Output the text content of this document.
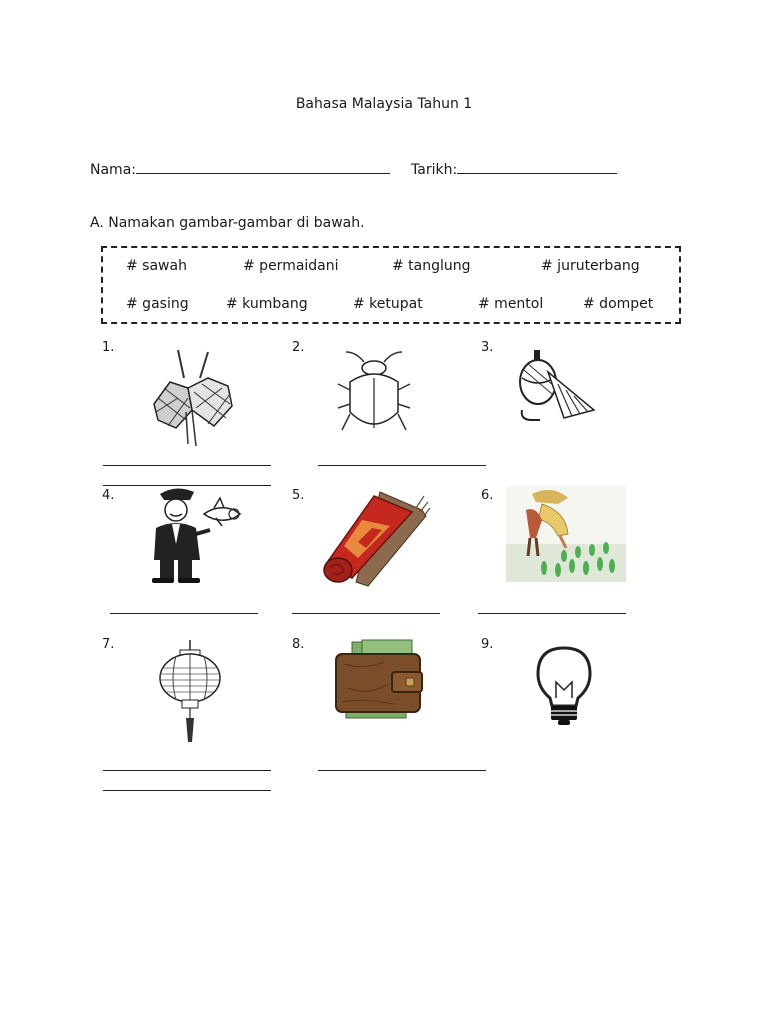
Bahasa Malaysia Tahun 1
Nama:	Tarikh:
A. Namakan gambar-gambar di bawah.
# sawah	# permaidani	# tanglung	# juruterbang
# gasing	# kumbang	# ketupat	# mentol	# dompet
1.	2.	3.
4.	5.	6.
7.	8.	9.
